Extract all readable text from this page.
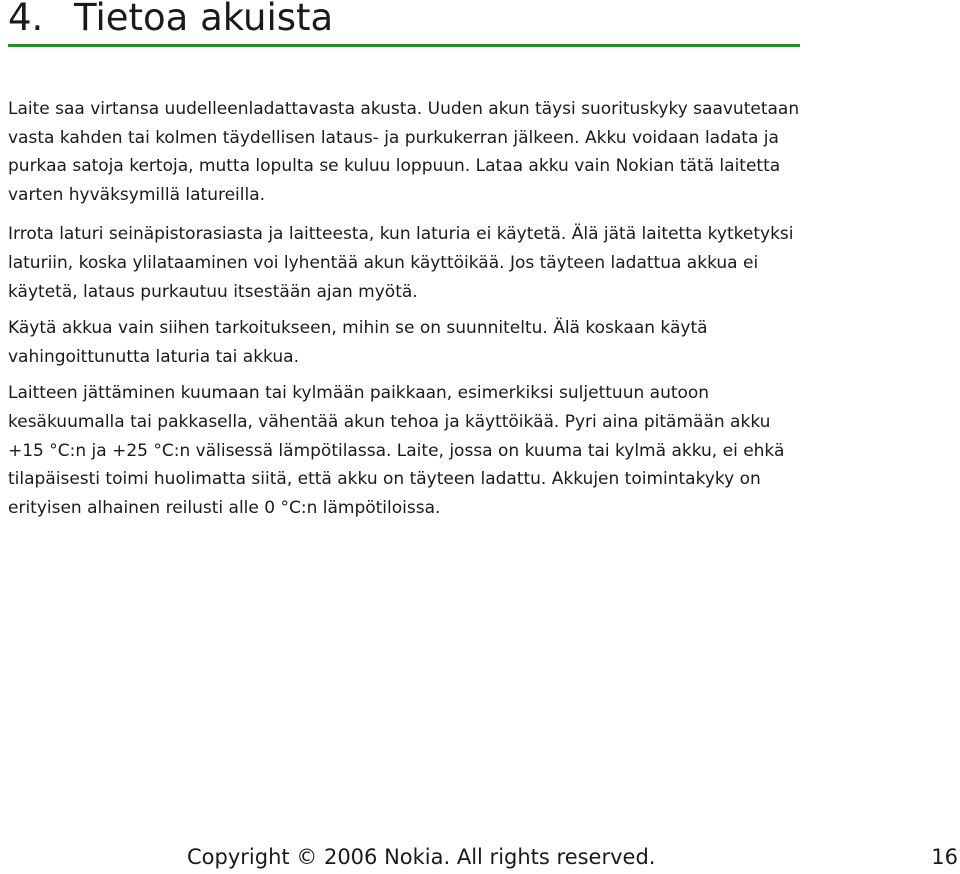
4. Tietoa akuista

Laite saa virtansa uudelleenladattavasta akusta. Uuden akun täysi suorituskyky saavutetaan vasta kahden tai kolmen täydellisen lataus- ja purkukerran jälkeen. Akku voidaan ladata ja purkaa satoja kertoja, mutta lopulta se kuluu loppuun. Lataa akku vain Nokian tätä laitetta varten hyväksymillä latureilla.

Irrota laturi seinäpistorasiasta ja laitteesta, kun laturia ei käytetä. Älä jätä laitetta kytketyksi laturiin, koska ylilataaminen voi lyhentää akun käyttöikää. Jos täyteen ladattua akkua ei käytetä, lataus purkautuu itsestään ajan myötä.

Käytä akkua vain siihen tarkoitukseen, mihin se on suunniteltu. Älä koskaan käytä vahingoittunutta laturia tai akkua.

Laitteen jättäminen kuumaan tai kylmään paikkaan, esimerkiksi suljettuun autoon kesäkuumalla tai pakkasella, vähentää akun tehoa ja käyttöikää. Pyri aina pitämään akku +15 °C:n ja +25 °C:n välisessä lämpötilassa. Laite, jossa on kuuma tai kylmä akku, ei ehkä tilapäisesti toimi huolimatta siitä, että akku on täyteen ladattu. Akkujen toimintakyky on erityisen alhainen reilusti alle 0 °C:n lämpötiloissa.

Copyright © 2006 Nokia. All rights reserved.	16
